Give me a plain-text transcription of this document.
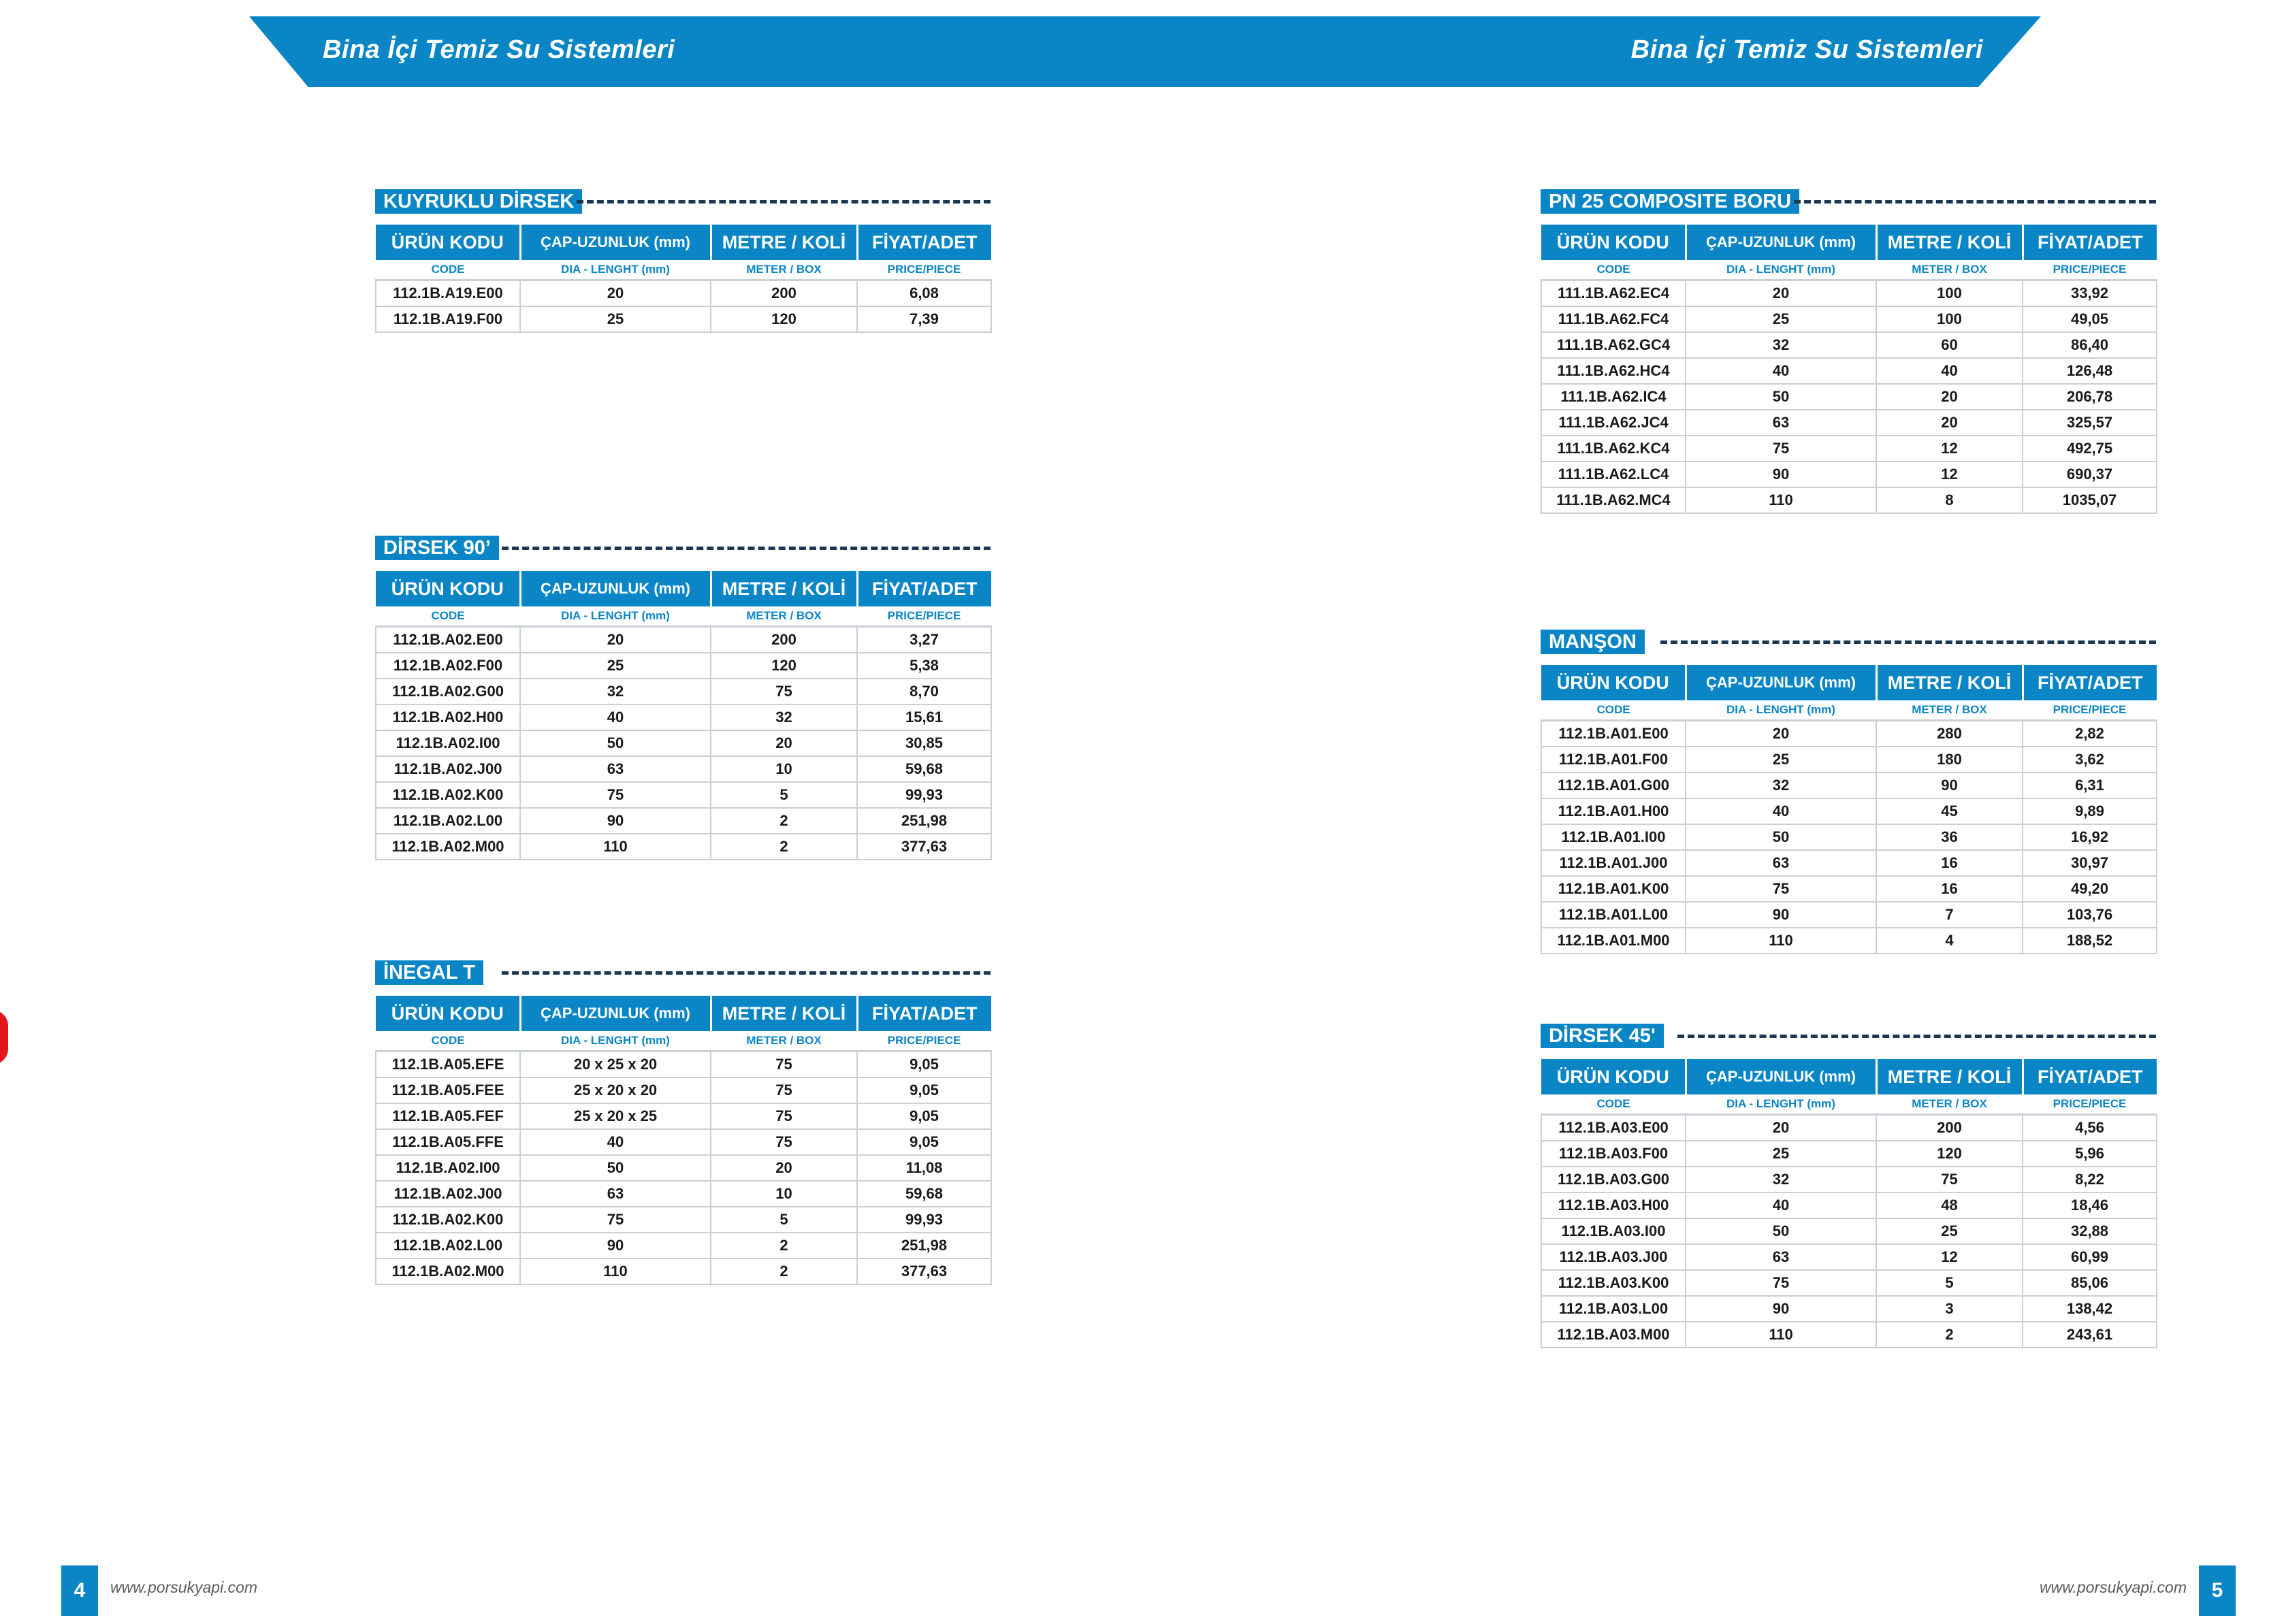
Bina İçi Temiz Su Sistemleri	Bina İçi Temiz Su Sistemleri
KUYRUKLU DİRSEK
ÜRÜN KODU	ÇAP-UZUNLUK (mm)	METRE / KOLİ	FİYAT/ADET
CODE	DIA - LENGHT (mm)	METER / BOX	PRICE/PIECE
112.1B.A19.E00	20	200	6,08
112.1B.A19.F00	25	120	7,39
DİRSEK 90’
ÜRÜN KODU	ÇAP-UZUNLUK (mm)	METRE / KOLİ	FİYAT/ADET
CODE	DIA - LENGHT (mm)	METER / BOX	PRICE/PIECE
112.1B.A02.E00	20	200	3,27
112.1B.A02.F00	25	120	5,38
112.1B.A02.G00	32	75	8,70
112.1B.A02.H00	40	32	15,61
112.1B.A02.I00	50	20	30,85
112.1B.A02.J00	63	10	59,68
112.1B.A02.K00	75	5	99,93
112.1B.A02.L00	90	2	251,98
112.1B.A02.M00	110	2	377,63
İNEGAL T
ÜRÜN KODU	ÇAP-UZUNLUK (mm)	METRE / KOLİ	FİYAT/ADET
CODE	DIA - LENGHT (mm)	METER / BOX	PRICE/PIECE
112.1B.A05.EFE	20 x 25 x 20	75	9,05
112.1B.A05.FEE	25 x 20 x 20	75	9,05
112.1B.A05.FEF	25 x 20 x 25	75	9,05
112.1B.A05.FFE	40	75	9,05
112.1B.A02.I00	50	20	11,08
112.1B.A02.J00	63	10	59,68
112.1B.A02.K00	75	5	99,93
112.1B.A02.L00	90	2	251,98
112.1B.A02.M00	110	2	377,63
PN 25 COMPOSITE BORU
ÜRÜN KODU	ÇAP-UZUNLUK (mm)	METRE / KOLİ	FİYAT/ADET
CODE	DIA - LENGHT (mm)	METER / BOX	PRICE/PIECE
111.1B.A62.EC4	20	100	33,92
111.1B.A62.FC4	25	100	49,05
111.1B.A62.GC4	32	60	86,40
111.1B.A62.HC4	40	40	126,48
111.1B.A62.IC4	50	20	206,78
111.1B.A62.JC4	63	20	325,57
111.1B.A62.KC4	75	12	492,75
111.1B.A62.LC4	90	12	690,37
111.1B.A62.MC4	110	8	1035,07
MANŞON
ÜRÜN KODU	ÇAP-UZUNLUK (mm)	METRE / KOLİ	FİYAT/ADET
CODE	DIA - LENGHT (mm)	METER / BOX	PRICE/PIECE
112.1B.A01.E00	20	280	2,82
112.1B.A01.F00	25	180	3,62
112.1B.A01.G00	32	90	6,31
112.1B.A01.H00	40	45	9,89
112.1B.A01.I00	50	36	16,92
112.1B.A01.J00	63	16	30,97
112.1B.A01.K00	75	16	49,20
112.1B.A01.L00	90	7	103,76
112.1B.A01.M00	110	4	188,52
DİRSEK 45'
ÜRÜN KODU	ÇAP-UZUNLUK (mm)	METRE / KOLİ	FİYAT/ADET
CODE	DIA - LENGHT (mm)	METER / BOX	PRICE/PIECE
112.1B.A03.E00	20	200	4,56
112.1B.A03.F00	25	120	5,96
112.1B.A03.G00	32	75	8,22
112.1B.A03.H00	40	48	18,46
112.1B.A03.I00	50	25	32,88
112.1B.A03.J00	63	12	60,99
112.1B.A03.K00	75	5	85,06
112.1B.A03.L00	90	3	138,42
112.1B.A03.M00	110	2	243,61
4	www.porsukyapi.com	www.porsukyapi.com	5
